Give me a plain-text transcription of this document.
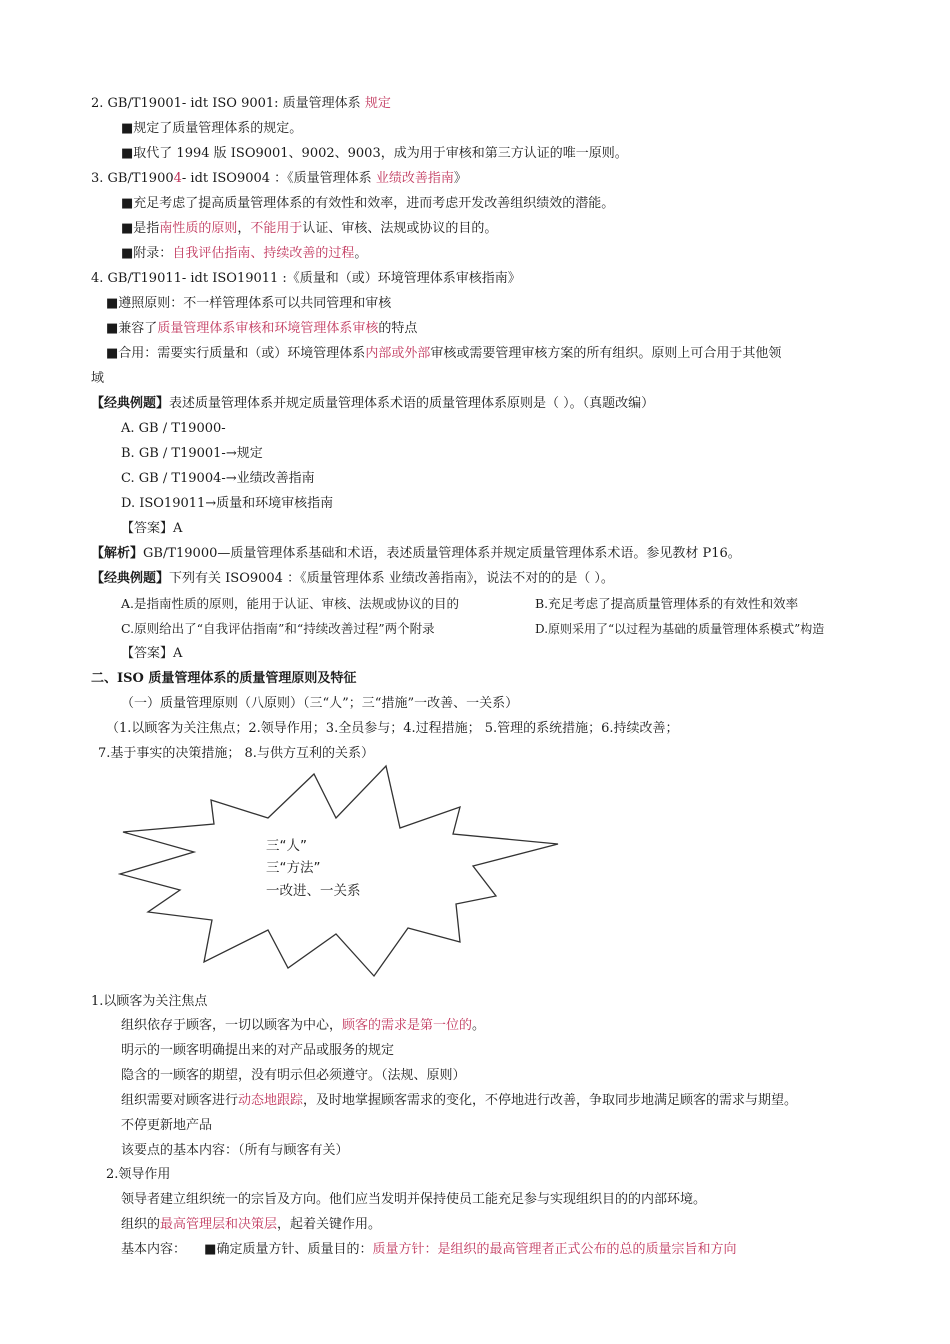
2. GB/T19001- idt ISO 9001: 质量管理体系 规定
■规定了质量管理体系的规定。
■取代了 1994 版 ISO9001、9002、9003，成为用于审核和第三方认证的唯一原则。
3. GB/T19004- idt ISO9004 ：《质量管理体系 业绩改善指南》
■充足考虑了提高质量管理体系的有效性和效率，进而考虑开发改善组织绩效的潜能。
■是指南性质的原则，不能用于认证、审核、法规或协议的目的。
■附录：自我评估指南、持续改善的过程。
4. GB/T19011- idt ISO19011 :《质量和（或）环境管理体系审核指南》
■遵照原则：不一样管理体系可以共同管理和审核
■兼容了质量管理体系审核和环境管理体系审核的特点
■合用：需要实行质量和（或）环境管理体系内部或外部审核或需要管理审核方案的所有组织。原则上可合用于其他领
域
【经典例题】表述质量管理体系并规定质量管理体系术语的质量管理体系原则是（ ）。（真题改编）
A. GB / T19000-
B. GB / T19001-→规定
C. GB / T19004-→业绩改善指南
D. ISO19011→质量和环境审核指南
【答案】A
【解析】GB/T19000—质量管理体系基础和术语，表述质量管理体系并规定质量管理体系术语。参见教材 P16。
【经典例题】下列有关 ISO9004 ：《质量管理体系 业绩改善指南》，说法不对的的是（ ）。
A.是指南性质的原则，能用于认证、审核、法规或协议的目的	B.充足考虑了提高质量管理体系的有效性和效率
C.原则给出了“自我评估指南”和“持续改善过程”两个附录	D.原则采用了“以过程为基础的质量管理体系模式”构造
【答案】A
二、ISO 质量管理体系的质量管理原则及特征
（一）质量管理原则（八原则）（三“人”；三“措施”一改善、一关系）
（1.以顾客为关注焦点；2.领导作用；3.全员参与；4.过程措施； 5.管理的系统措施；6.持续改善；
7.基于事实的决策措施； 8.与供方互利的关系）
三“人”
三“方法”
一改进、一关系
1.以顾客为关注焦点
组织依存于顾客，一切以顾客为中心，顾客的需求是第一位的。
明示的一顾客明确提出来的对产品或服务的规定
隐含的一顾客的期望，没有明示但必须遵守。（法规、原则）
组织需要对顾客进行动态地跟踪，及时地掌握顾客需求的变化，不停地进行改善，争取同步地满足顾客的需求与期望。
不停更新地产品
该要点的基本内容：（所有与顾客有关）
2.领导作用
领导者建立组织统一的宗旨及方向。他们应当发明并保持使员工能充足参与实现组织目的的内部环境。
组织的最高管理层和决策层，起着关键作用。
基本内容： ■确定质量方针、质量目的：质量方针：是组织的最高管理者正式公布的总的质量宗旨和方向
